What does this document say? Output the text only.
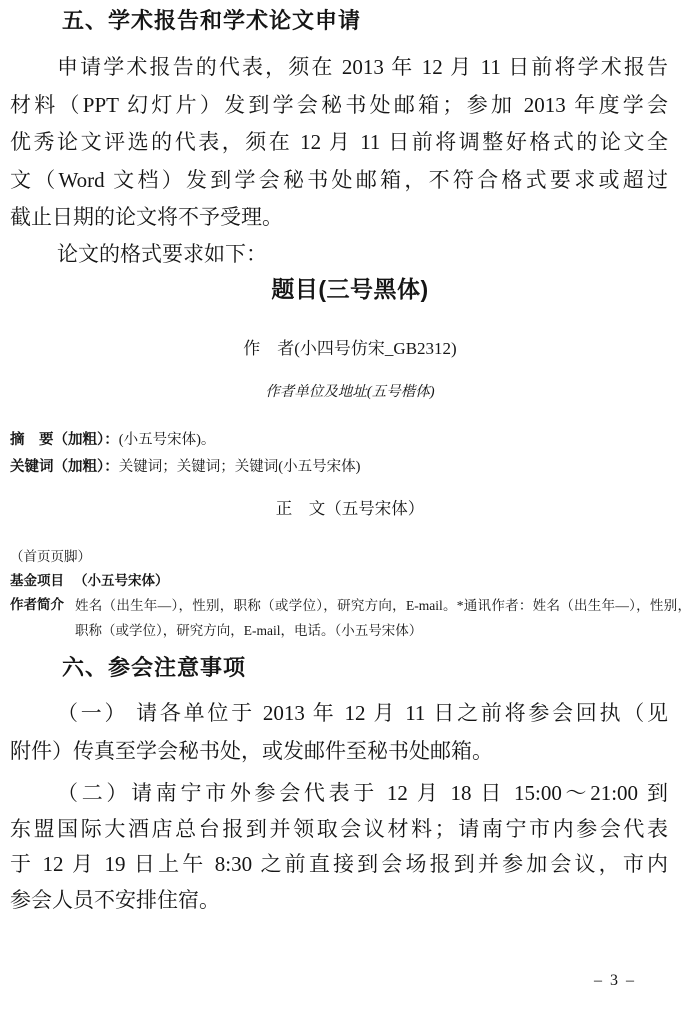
五、学术报告和学术论文申请
申请学术报告的代表，须在 2013 年 12 月 11 日前将学术报告
材料（PPT 幻灯片）发到学会秘书处邮箱；参加 2013 年度学会
优秀论文评选的代表，须在 12 月 11 日前将调整好格式的论文全
文（Word 文档）发到学会秘书处邮箱，不符合格式要求或超过
截止日期的论文将不予受理。
论文的格式要求如下：
题目(三号黑体)
作　者(小四号仿宋_GB2312)
作者单位及地址(五号楷体)
摘　要（加粗）：(小五号宋体)。
关键词（加粗）：关键词；关键词；关键词(小五号宋体)
正　文（五号宋体）
（首页页脚）
基金项目 （小五号宋体）
作者简介 姓名（出生年—），性别，职称（或学位），研究方向，E-mail。*通讯作者：姓名（出生年—），性别，
职称（或学位），研究方向，E-mail，电话。（小五号宋体）
六、参会注意事项
（一） 请各单位于 2013 年 12 月 11 日之前将参会回执（见
附件）传真至学会秘书处，或发邮件至秘书处邮箱。
（二）请南宁市外参会代表于 12 月 18 日 15:00～21:00 到
东盟国际大酒店总台报到并领取会议材料；请南宁市内参会代表
于 12 月 19 日上午 8:30 之前直接到会场报到并参加会议，市内
参会人员不安排住宿。
– 3 –
